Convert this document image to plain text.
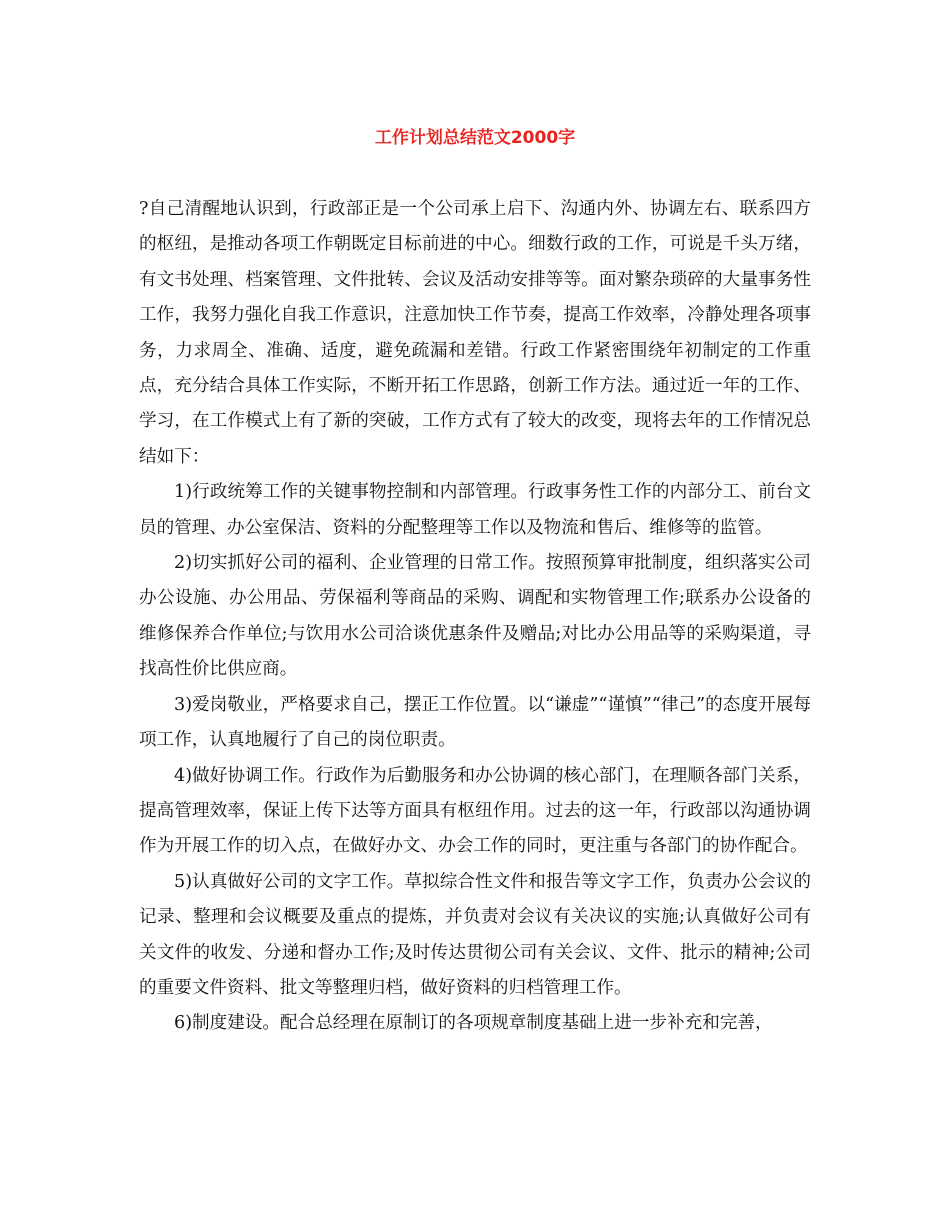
工作计划总结范文2000字

?自己清醒地认识到，行政部正是一个公司承上启下、沟通内外、协调左右、联系四方的枢纽，是推动各项工作朝既定目标前进的中心。细数行政的工作，可说是千头万绪，有文书处理、档案管理、文件批转、会议及活动安排等等。面对繁杂琐碎的大量事务性工作，我努力强化自我工作意识，注意加快工作节奏，提高工作效率，冷静处理各项事务，力求周全、准确、适度，避免疏漏和差错。行政工作紧密围绕年初制定的工作重点，充分结合具体工作实际，不断开拓工作思路，创新工作方法。通过近一年的工作、学习，在工作模式上有了新的突破，工作方式有了较大的改变，现将去年的工作情况总结如下：

1)行政统筹工作的关键事物控制和内部管理。行政事务性工作的内部分工、前台文员的管理、办公室保洁、资料的分配整理等工作以及物流和售后、维修等的监管。

2)切实抓好公司的福利、企业管理的日常工作。按照预算审批制度，组织落实公司办公设施、办公用品、劳保福利等商品的采购、调配和实物管理工作;联系办公设备的维修保养合作单位;与饮用水公司洽谈优惠条件及赠品;对比办公用品等的采购渠道，寻找高性价比供应商。

3)爱岗敬业，严格要求自己，摆正工作位置。以“谦虚”“谨慎”“律己”的态度开展每项工作，认真地履行了自己的岗位职责。

4)做好协调工作。行政作为后勤服务和办公协调的核心部门，在理顺各部门关系，提高管理效率，保证上传下达等方面具有枢纽作用。过去的这一年，行政部以沟通协调作为开展工作的切入点，在做好办文、办会工作的同时，更注重与各部门的协作配合。

5)认真做好公司的文字工作。草拟综合性文件和报告等文字工作，负责办公会议的记录、整理和会议概要及重点的提炼，并负责对会议有关决议的实施;认真做好公司有关文件的收发、分递和督办工作;及时传达贯彻公司有关会议、文件、批示的精神;公司的重要文件资料、批文等整理归档，做好资料的归档管理工作。

6)制度建设。配合总经理在原制订的各项规章制度基础上进一步补充和完善，
